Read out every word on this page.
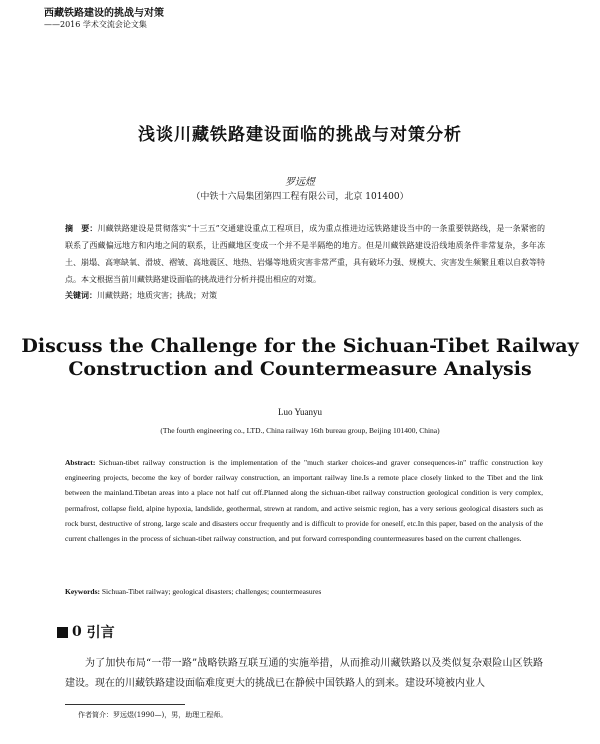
西藏铁路建设的挑战与对策
——2016 学术交流会论文集
浅谈川藏铁路建设面临的挑战与对策分析
罗远煜
（中铁十六局集团第四工程有限公司，北京 101400）
摘　要：川藏铁路建设是贯彻落实“十三五”交通建设重点工程项目，成为重点推进边远铁路建设当中的一条重要铁路线，是一条紧密的联系了西藏偏远地方和内地之间的联系，让西藏地区变成一个并不是半隔绝的地方。但是川藏铁路建设沿线地质条件非常复杂，多年冻土、崩塌、高寒缺氧、滑坡、褶皱、高地震区、地热、岩爆等地质灾害非常严重，具有破坏力强、规模大、灾害发生频繁且难以自救等特点。本文根据当前川藏铁路建设面临的挑战进行分析并提出相应的对策。
关键词：川藏铁路；地质灾害；挑战；对策
Discuss the Challenge for the Sichuan-Tibet Railway
Construction and Countermeasure Analysis
Luo Yuanyu
(The fourth engineering co., LTD., China railway 16th bureau group, Beijing 101400, China)
Abstract: Sichuan-tibet railway construction is the implementation of the "much starker choices-and graver consequences-in" traffic construction key engineering projects, become the key of border railway construction, an important railway line.Is a remote place closely linked to the Tibet and the link between the mainland.Tibetan areas into a place not half cut off.Planned along the sichuan-tibet railway construction geological condition is very complex, permafrost, collapse field, alpine hypoxia, landslide, geothermal, strewn at random, and active seismic region, has a very serious geological disasters such as rock burst, destructive of strong, large scale and disasters occur frequently and is difficult to provide for oneself, etc.In this paper, based on the analysis of the current challenges in the process of sichuan-tibet railway construction, and put forward corresponding countermeasures based on the current challenges.
Keywords: Sichuan-Tibet railway; geological disasters; challenges; countermeasures
0
引言
为了加快布局“一带一路”战略铁路互联互通的实施举措，从而推动川藏铁路以及类似复杂艰险山区铁路建设。现在的川藏铁路建设面临难度更大的挑战已在静候中国铁路人的到来。建设环境被内业人
作者简介：罗远煜(1990—)，男，助理工程师。
